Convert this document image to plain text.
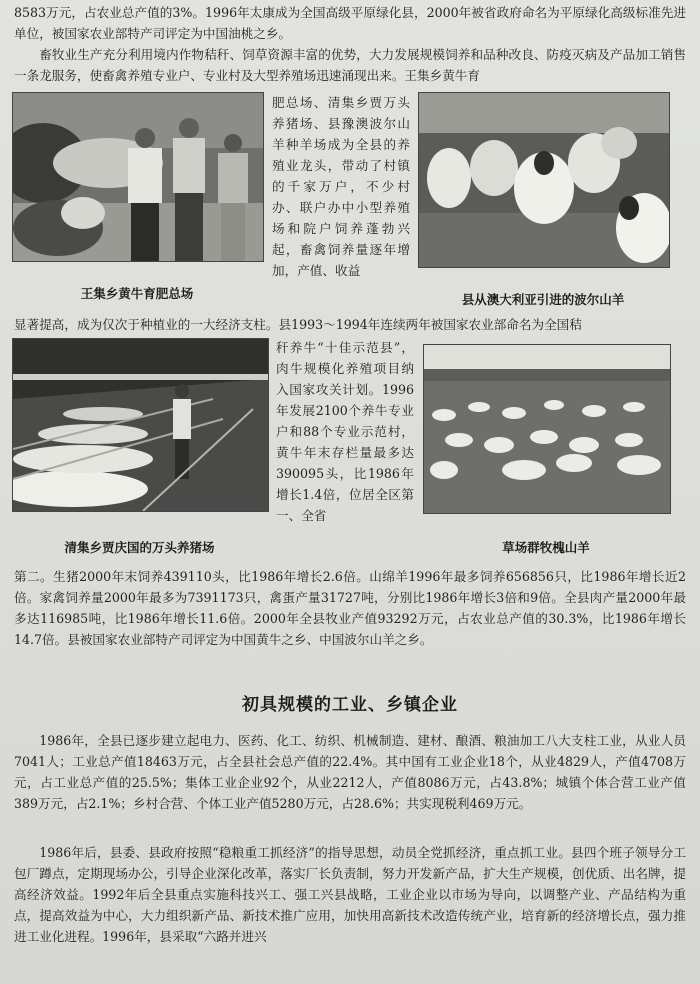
8583万元，占农业总产值的3%。1996年太康成为全国高级平原绿化县，2000年被省政府命名为平原绿化高级标准先进单位，被国家农业部特产司评定为中国油桃之乡。

畜牧业生产充分利用境内作物秸秆、饲草资源丰富的优势，大力发展规模饲养和品种改良、防疫灭病及产品加工销售一条龙服务，使畜禽养殖专业户、专业村及大型养殖场迅速涌现出来。王集乡黄牛育

王集乡黄牛育肥总场

肥总场、清集乡贾万头养猪场、县豫澳波尔山羊种羊场成为全县的养殖业龙头，带动了村镇的千家万户，不少村办、联户办中小型养殖场和院户饲养蓬勃兴起，畜禽饲养量逐年增加，产值、收益

县从澳大利亚引进的波尔山羊

显著提高，成为仅次于种植业的一大经济支柱。县1993～1994年连续两年被国家农业部命名为全国秸

清集乡贾庆国的万头养猪场

秆养牛“十佳示范县”，肉牛规模化养殖项目纳入国家攻关计划。1996年发展2100个养牛专业户和88个专业示范村，黄牛年末存栏量最多达390095头，比1986年增长1.4倍，位居全区第一、全省

草场群牧槐山羊

第二。生猪2000年末饲养439110头，比1986年增长2.6倍。山绵羊1996年最多饲养656856只，比1986年增长近2倍。家禽饲养量2000年最多为7391173只，禽蛋产量31727吨，分别比1986年增长3倍和9倍。全县肉产量2000年最多达116985吨，比1986年增长11.6倍。2000年全县牧业产值93292万元，占农业总产值的30.3%，比1986年增长14.7倍。县被国家农业部特产司评定为中国黄牛之乡、中国波尔山羊之乡。

初具规模的工业、乡镇企业

1986年，全县已逐步建立起电力、医药、化工、纺织、机械制造、建材、酿酒、粮油加工八大支柱工业，从业人员7041人；工业总产值18463万元，占全县社会总产值的22.4%。其中国有工业企业18个，从业4829人，产值4708万元，占工业总产值的25.5%；集体工业企业92个，从业2212人，产值8086万元，占43.8%；城镇个体合营工业产值389万元，占2.1%；乡村合营、个体工业产值5280万元，占28.6%；共实现税利469万元。

1986年后，县委、县政府按照“稳粮重工抓经济”的指导思想，动员全党抓经济，重点抓工业。县四个班子领导分工包厂蹲点，定期现场办公，引导企业深化改革，落实厂长负责制，努力开发新产品，扩大生产规模，创优质、出名牌，提高经济效益。1992年后全县重点实施科技兴工、强工兴县战略，工业企业以市场为导向，以调整产业、产品结构为重点，提高效益为中心，大力组织新产品、新技术推广应用，加快用高新技术改造传统产业，培育新的经济增长点，强力推进工业化进程。1996年，县采取“六路并进兴
